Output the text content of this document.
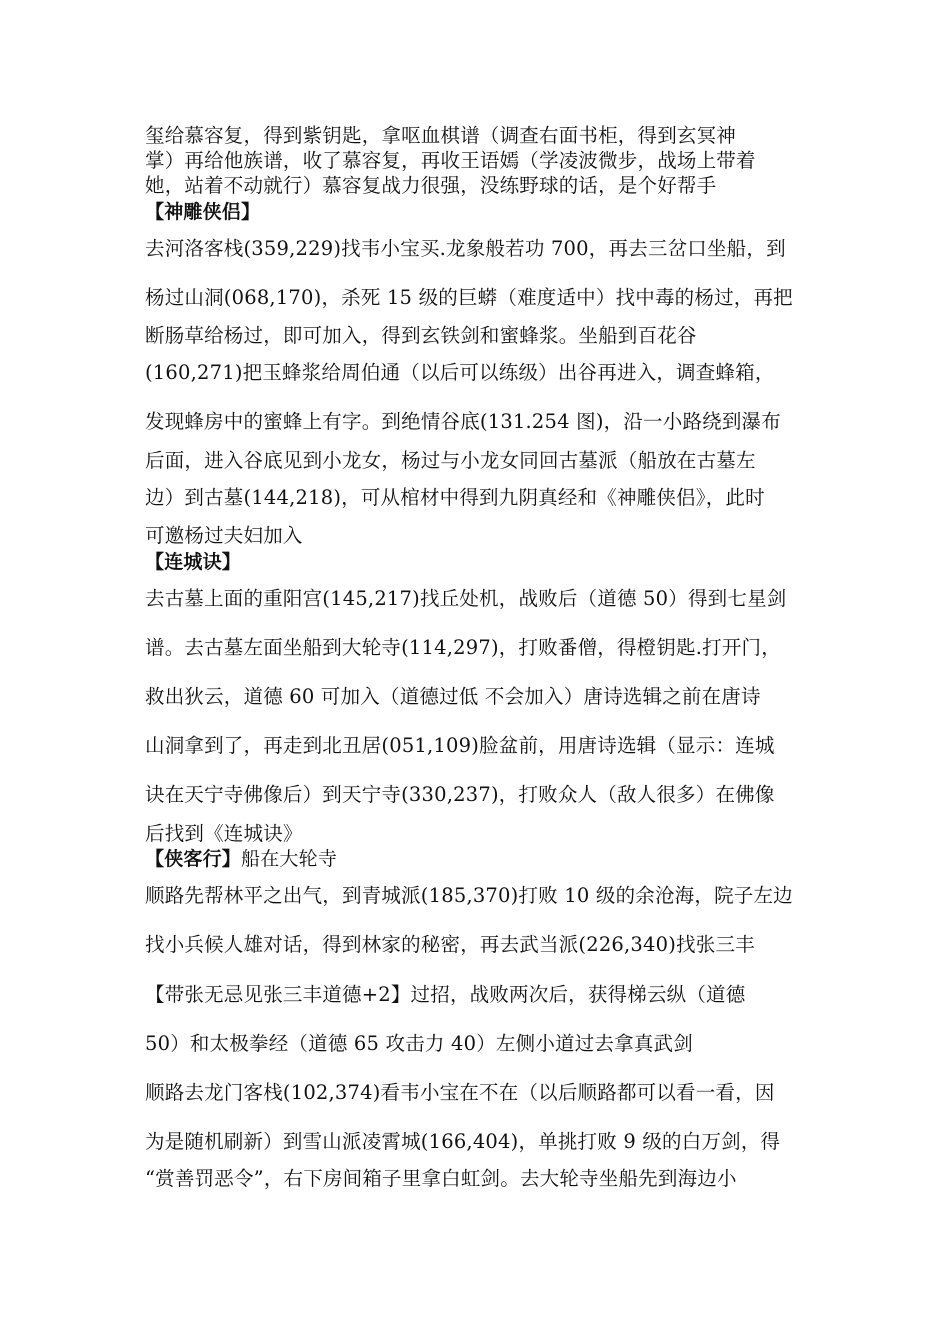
玺给慕容复，得到紫钥匙，拿呕血棋谱（调查右面书柜，得到玄冥神
掌）再给他族谱，收了慕容复，再收王语嫣（学凌波微步，战场上带着
她，站着不动就行）慕容复战力很强，没练野球的话，是个好帮手
【神雕侠侣】
去河洛客栈(359,229)找韦小宝买.龙象般若功 700，再去三岔口坐船，到
杨过山洞(068,170)，杀死 15 级的巨蟒（难度适中）找中毒的杨过，再把
断肠草给杨过，即可加入，得到玄铁剑和蜜蜂浆。坐船到百花谷
(160,271)把玉蜂浆给周伯通（以后可以练级）出谷再进入，调查蜂箱，
发现蜂房中的蜜蜂上有字。到绝情谷底(131.254 图)，沿一小路绕到瀑布
后面，进入谷底见到小龙女，杨过与小龙女同回古墓派（船放在古墓左
边）到古墓(144,218)，可从棺材中得到九阴真经和《神雕侠侣》，此时
可邀杨过夫妇加入
【连城诀】
去古墓上面的重阳宫(145,217)找丘处机，战败后（道德 50）得到七星剑
谱。去古墓左面坐船到大轮寺(114,297)，打败番僧，得橙钥匙.打开门，
救出狄云，道德 60 可加入（道德过低 不会加入）唐诗选辑之前在唐诗
山洞拿到了，再走到北丑居(051,109)脸盆前，用唐诗选辑（显示：连城
诀在天宁寺佛像后）到天宁寺(330,237)，打败众人（敌人很多）在佛像
后找到《连城诀》
【侠客行】船在大轮寺
顺路先帮林平之出气，到青城派(185,370)打败 10 级的余沧海，院子左边
找小兵候人雄对话，得到林家的秘密，再去武当派(226,340)找张三丰
【带张无忌见张三丰道德+2】过招，战败两次后，获得梯云纵（道德
50）和太极拳经（道德 65 攻击力 40）左侧小道过去拿真武剑
顺路去龙门客栈(102,374)看韦小宝在不在（以后顺路都可以看一看，因
为是随机刷新）到雪山派凌霄城(166,404)，单挑打败 9 级的白万剑，得
“赏善罚恶令”，右下房间箱子里拿白虹剑。去大轮寺坐船先到海边小
